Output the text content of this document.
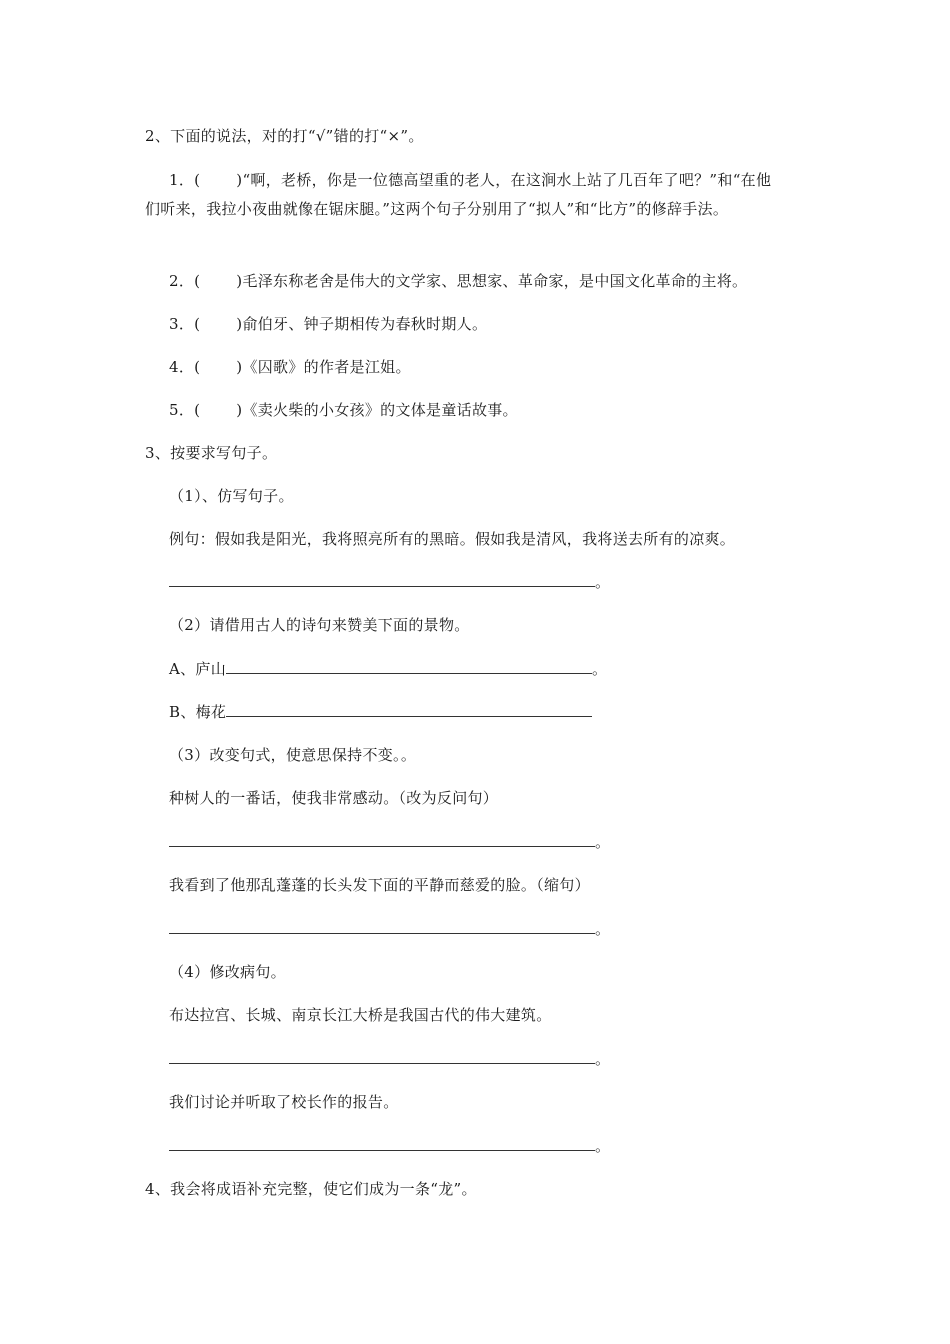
2、下面的说法，对的打“√”错的打“×”。
1．( )“啊，老桥，你是一位德高望重的老人，在这涧水上站了几百年了吧？”和“在他们听来，我拉小夜曲就像在锯床腿。”这两个句子分别用了“拟人”和“比方”的修辞手法。
2．( )毛泽东称老舍是伟大的文学家、思想家、革命家，是中国文化革命的主将。
3．( )俞伯牙、钟子期相传为春秋时期人。
4．( )《囚歌》的作者是江姐。
5．( )《卖火柴的小女孩》的文体是童话故事。
3、按要求写句子。
（1）、仿写句子。
例句：假如我是阳光，我将照亮所有的黑暗。假如我是清风，我将送去所有的凉爽。
。
（2）请借用古人的诗句来赞美下面的景物。
A、庐山	。
B、梅花
（3）改变句式，使意思保持不变。。
种树人的一番话，使我非常感动。（改为反问句）
。
我看到了他那乱蓬蓬的长头发下面的平静而慈爱的脸。（缩句）
。
（4）修改病句。
布达拉宫、长城、南京长江大桥是我国古代的伟大建筑。
。
我们讨论并听取了校长作的报告。
。
4、我会将成语补充完整，使它们成为一条“龙”。
